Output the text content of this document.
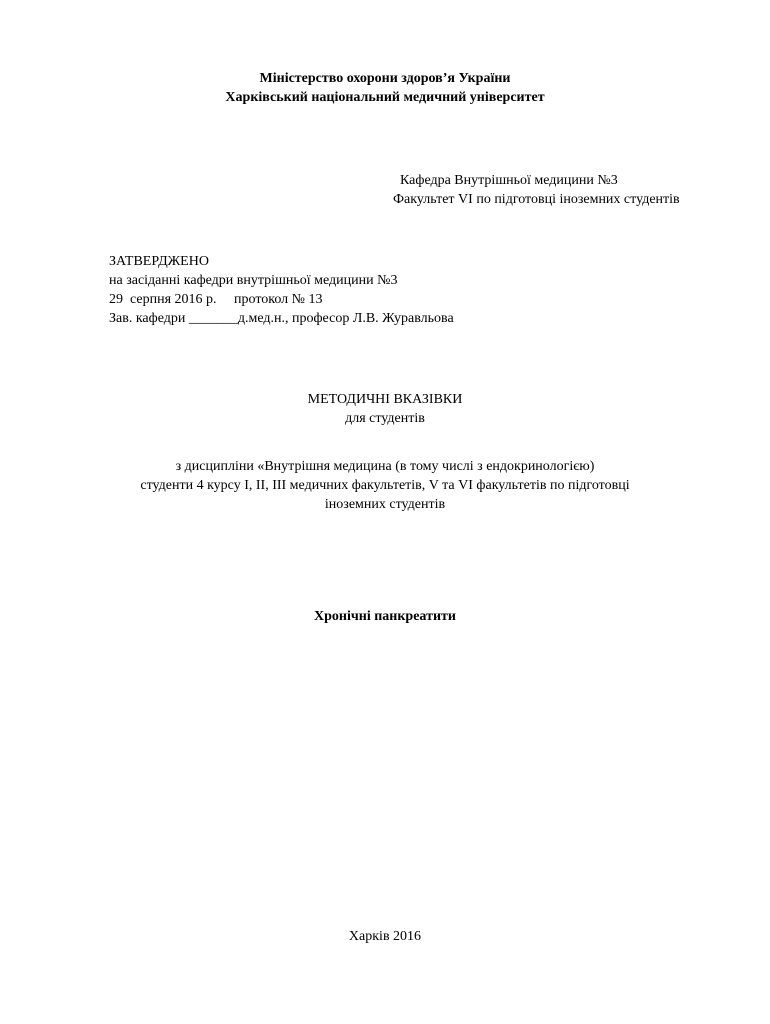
Міністерство охорони здоров’я України
Харківський національний медичний університет
Кафедра Внутрішньої медицини №3
Факультет VI по підготовці іноземних студентів
ЗАТВЕРДЖЕНО
на засіданні кафедри внутрішньої медицини №3
29  серпня 2016 р.     протокол № 13
Зав. кафедри _______д.мед.н., професор Л.В. Журавльова
МЕТОДИЧНІ ВКАЗІВКИ
для студентів
з дисципліни «Внутрішня медицина (в тому числі з ендокринологією)
студенти 4 курсу I, II, III медичних факультетів, V та VI факультетів по підготовці
іноземних студентів
Хронічні панкреатити
Харків 2016
